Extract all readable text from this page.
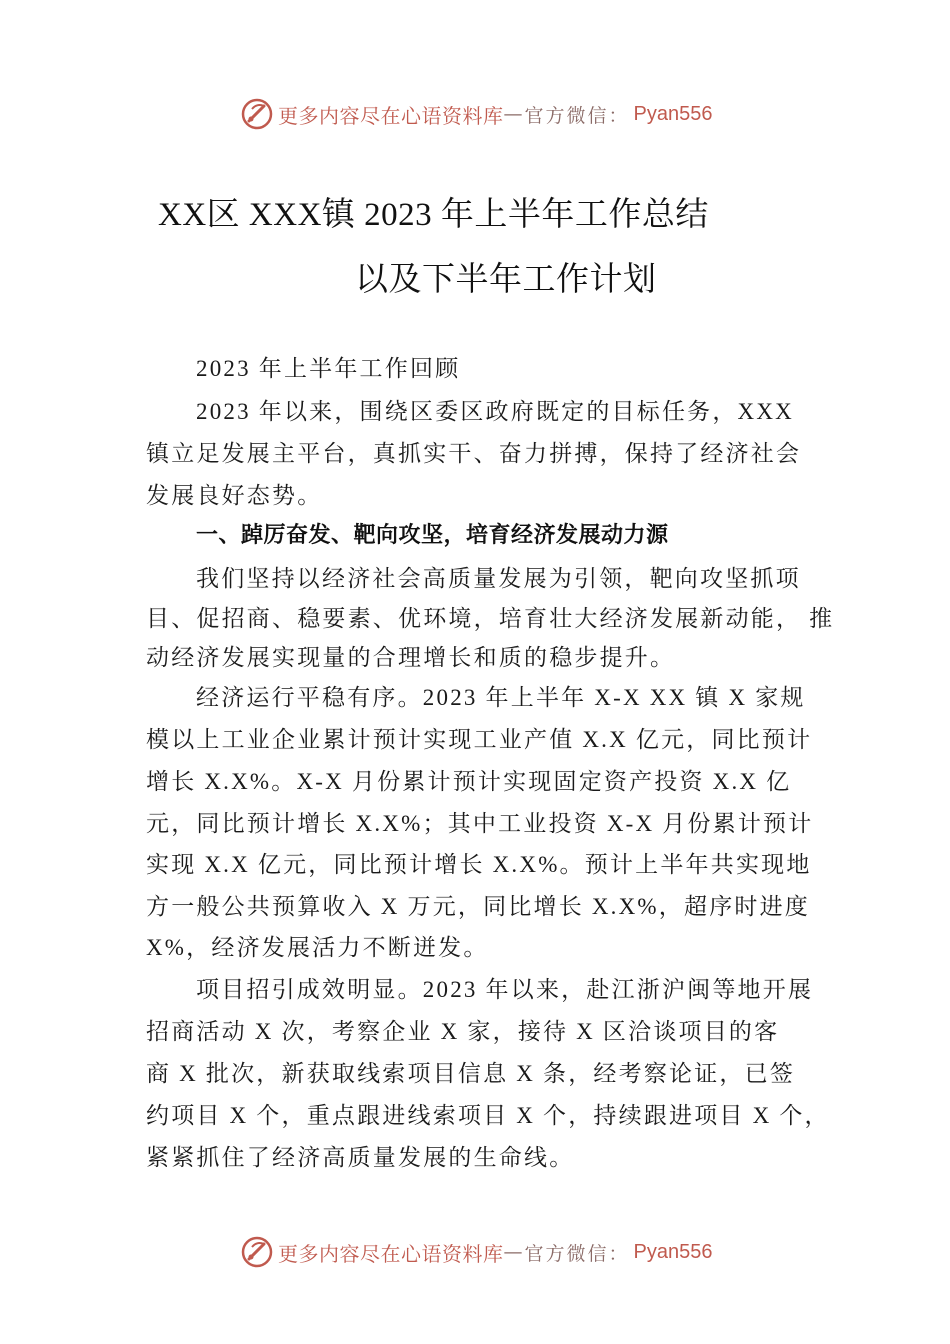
更多内容尽在心语资料库 — 官方微信： Pyan556
XX区 XXX镇 2023 年上半年工作总结
以及下半年工作计划
2023 年上半年工作回顾
2023 年以来，围绕区委区政府既定的目标任务，XXX
镇立足发展主平台，真抓实干、奋力拼搏，保持了经济社会
发展良好态势。
一、踔厉奋发、靶向攻坚，培育经济发展动力源
我们坚持以经济社会高质量发展为引领，靶向攻坚抓项
目、促招商、稳要素、优环境，培育壮大经济发展新动能， 推
动经济发展实现量的合理增长和质的稳步提升。
经济运行平稳有序。2023 年上半年 X-X XX 镇 X 家规
模以上工业企业累计预计实现工业产值 X.X 亿元，同比预计
增长 X.X%。X-X 月份累计预计实现固定资产投资 X.X 亿
元，同比预计增长 X.X%；其中工业投资 X-X 月份累计预计
实现 X.X 亿元，同比预计增长 X.X%。预计上半年共实现地
方一般公共预算收入 X 万元，同比增长 X.X%，超序时进度
X%，经济发展活力不断迸发。
项目招引成效明显。2023 年以来，赴江浙沪闽等地开展
招商活动 X 次，考察企业 X 家，接待 X 区洽谈项目的客
商 X 批次，新获取线索项目信息 X 条，经考察论证，已签
约项目 X 个，重点跟进线索项目 X 个，持续跟进项目 X 个，
紧紧抓住了经济高质量发展的生命线。
更多内容尽在心语资料库 — 官方微信： Pyan556
